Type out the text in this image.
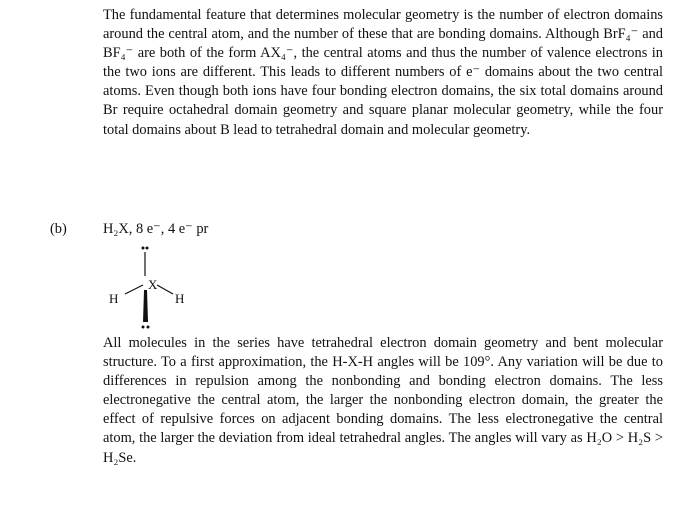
The fundamental feature that determines molecular geometry is the number of electron domains around the central atom, and the number of these that are bonding domains. Although BrF₄⁻ and BF₄⁻ are both of the form AX₄⁻, the central atoms and thus the number of valence electrons in the two ions are different. This leads to different numbers of e⁻ domains about the two central atoms. Even though both ions have four bonding electron domains, the six total domains around Br require octahedral domain geometry and square planar molecular geometry, while the four total domains about B lead to tetrahedral domain and molecular geometry.

(b)	H₂X, 8 e⁻, 4 e⁻ pr
X
H	H

All molecules in the series have tetrahedral electron domain geometry and bent molecular structure. To a first approximation, the H-X-H angles will be 109°. Any variation will be due to differences in repulsion among the nonbonding and bonding electron domains. The less electronegative the central atom, the larger the nonbonding electron domain, the greater the effect of repulsive forces on adjacent bonding domains. The less electronegative the central atom, the larger the deviation from ideal tetrahedral angles. The angles will vary as H₂O > H₂S > H₂Se.
